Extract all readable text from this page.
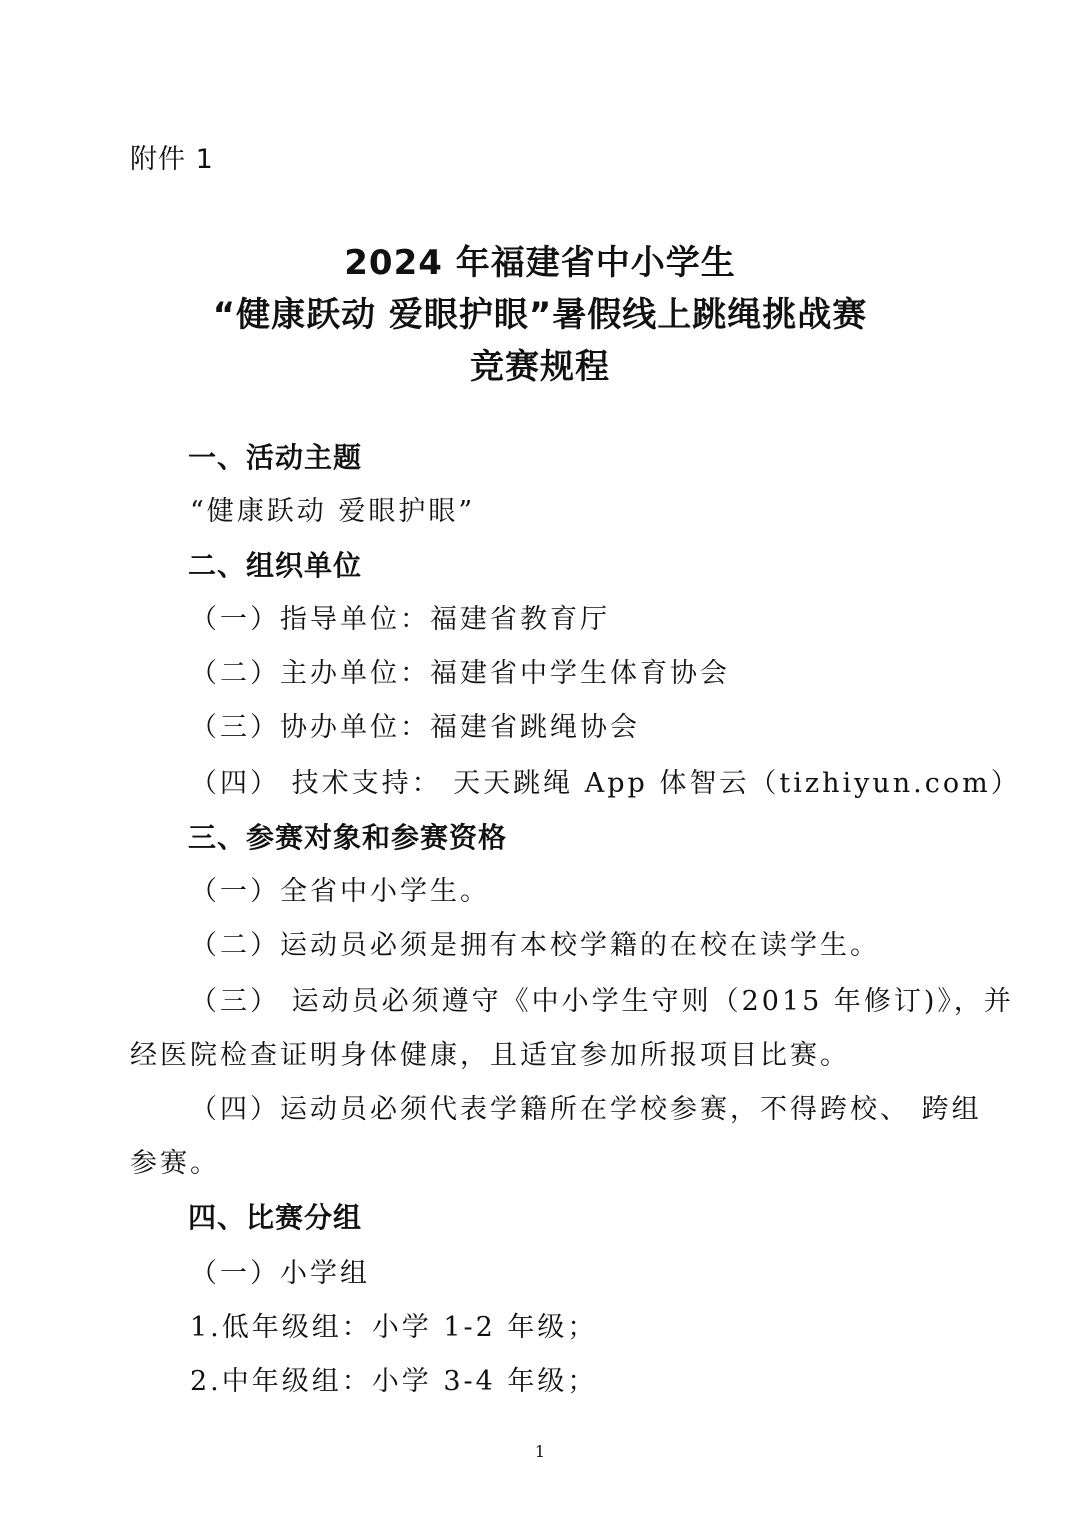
附件 1
2024 年福建省中小学生
“健康跃动 爱眼护眼”暑假线上跳绳挑战赛
竞赛规程
一、活动主题
“健康跃动 爱眼护眼”
二、组织单位
（一）指导单位：福建省教育厅
（二）主办单位：福建省中学生体育协会
（三）协办单位：福建省跳绳协会
（四） 技术支持： 天天跳绳 App 体智云（tizhiyun.com）
三、参赛对象和参赛资格
（一）全省中小学生。
（二）运动员必须是拥有本校学籍的在校在读学生。
（三） 运动员必须遵守《中小学生守则（2015 年修订)》，并
经医院检查证明身体健康，且适宜参加所报项目比赛。
（四）运动员必须代表学籍所在学校参赛，不得跨校、 跨组
参赛。
四、比赛分组
（一）小学组
1.低年级组：小学 1-2 年级；
2.中年级组：小学 3-4 年级；
1
